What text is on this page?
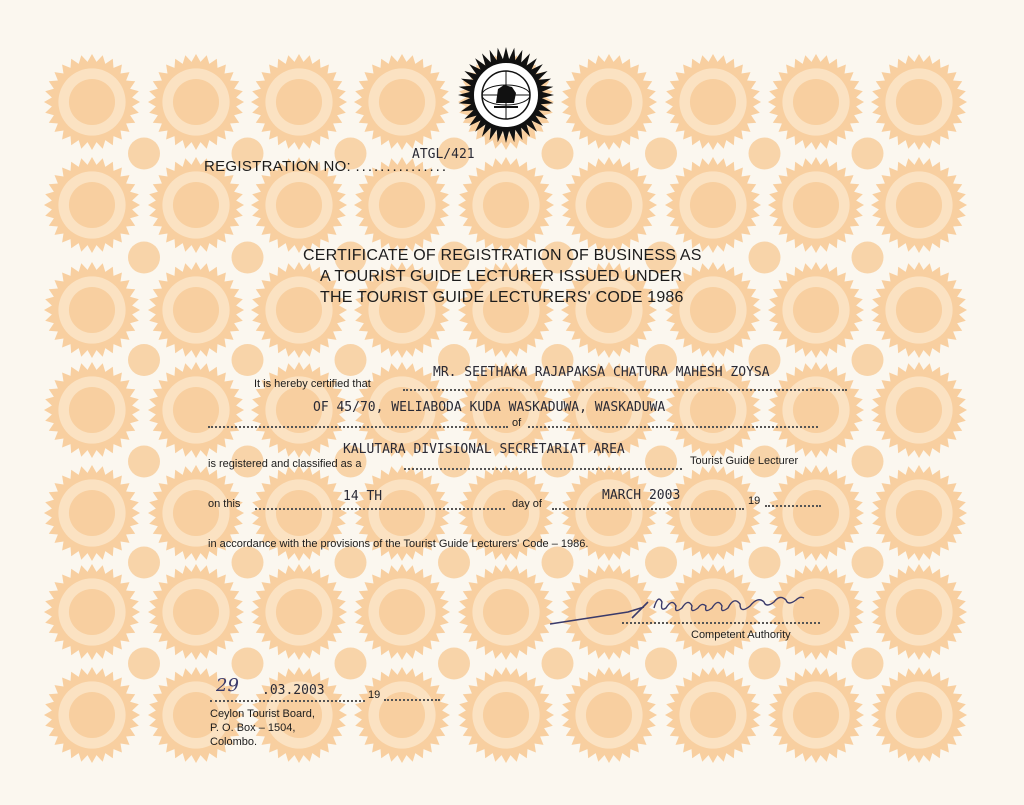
REGISTRATION NO: ...............
ATGL/421
CERTIFICATE OF REGISTRATION OF BUSINESS AS
A TOURIST GUIDE LECTURER ISSUED UNDER
THE TOURIST GUIDE LECTURERS' CODE 1986
It is hereby certified that
MR. SEETHAKA RAJAPAKSA CHATURA MAHESH ZOYSA
OF 45/70, WELIABODA KUDA WASKADUWA, WASKADUWA
of
KALUTARA DIVISIONAL SECRETARIAT AREA
is registered and classified as a	Tourist Guide Lecturer
on this	14 TH	day of
MARCH 2003	19
in accordance with the provisions of the Tourist Guide Lecturers' Code – 1986.
Competent Authority
29 .03.2003	19
Ceylon Tourist Board,
P. O. Box – 1504,
Colombo.
